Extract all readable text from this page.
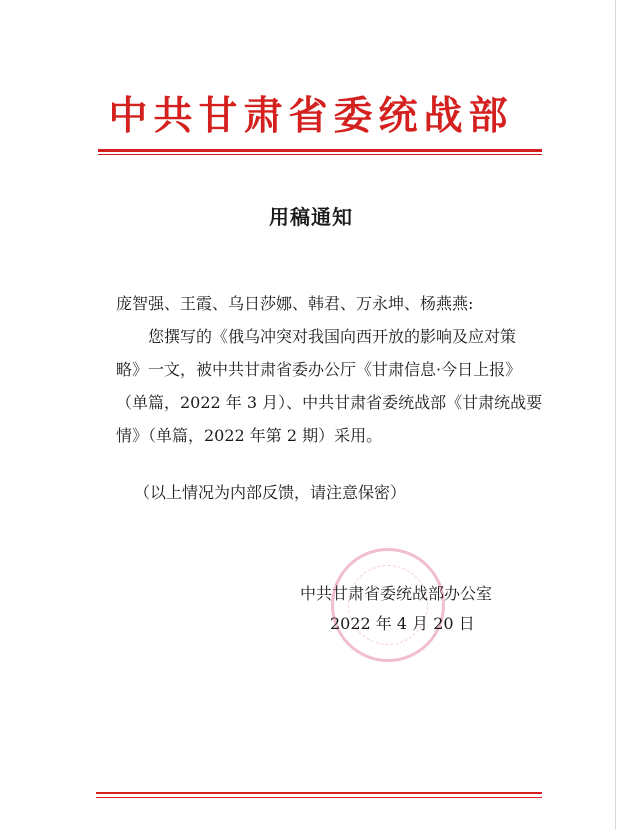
中共甘肃省委统战部
用稿通知
庞智强、王霞、乌日莎娜、韩君、万永坤、杨燕燕:
您撰写的《俄乌冲突对我国向西开放的影响及应对策
略》一文，被中共甘肃省委办公厅《甘肃信息·今日上报》
（单篇，2022 年 3 月）、中共甘肃省委统战部《甘肃统战要
情》（单篇，2022 年第 2 期）采用。
（以上情况为内部反馈，请注意保密）
中共甘肃省委统战部办公室
2022 年 4 月 20 日
